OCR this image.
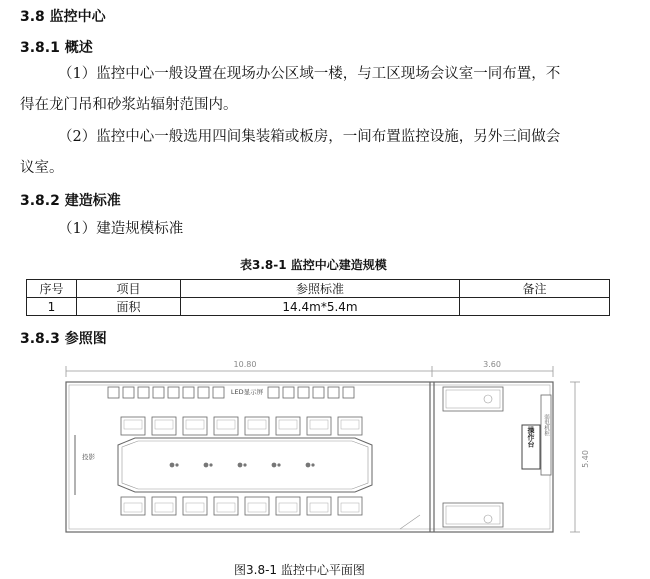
3.8 监控中心
3.8.1 概述
（1）监控中心一般设置在现场办公区域一楼，与工区现场会议室一同布置，不
得在龙门吊和砂浆站辐射范围内。
（2）监控中心一般选用四间集装箱或板房，一间布置监控设施，另外三间做会
议室。
3.8.2 建造标准
（1）建造规模标准
表3.8-1 监控中心建造规模
序号	项目	参照标准	备注
1	面积	14.4m*5.4m	
3.8.3 参照图
10.80	3.60
5.40
LED显示屏
投影
操作台
弱电机柜
图3.8-1 监控中心平面图
